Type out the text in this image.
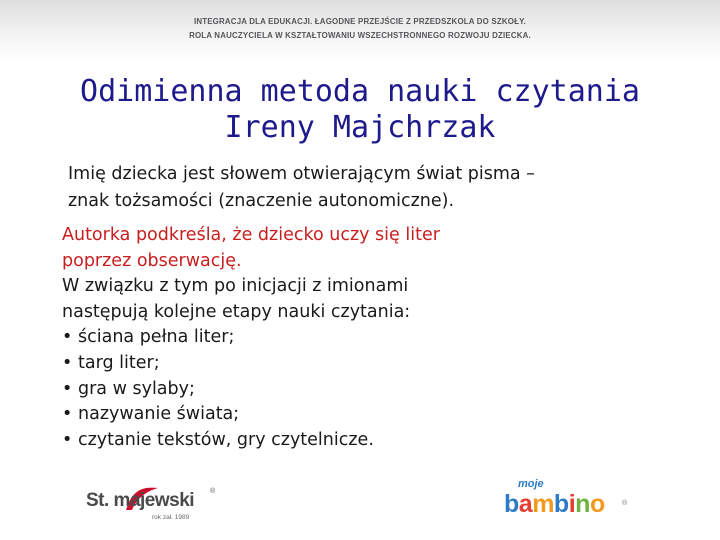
INTEGRACJA DLA EDUKACJI. ŁAGODNE PRZEJŚCIE Z PRZEDSZKOLA DO SZKOŁY.
ROLA NAUCZYCIELA W KSZTAŁTOWANIU WSZECHSTRONNEGO ROZWOJU DZIECKA.
Odimienna metoda nauki czytania
Ireny Majchrzak
Imię dziecka jest słowem otwierającym świat pisma –
znak tożsamości (znaczenie autonomiczne).
Autorka podkreśla, że dziecko uczy się liter
poprzez obserwację.
W związku z tym po inicjacji z imionami
następują kolejne etapy nauki czytania:
• ściana pełna liter;
• targ liter;
• gra w sylaby;
• nazywanie świata;
• czytanie tekstów, gry czytelnicze.
St. majewski ®
rok zał. 1989
moje
bambino ®
